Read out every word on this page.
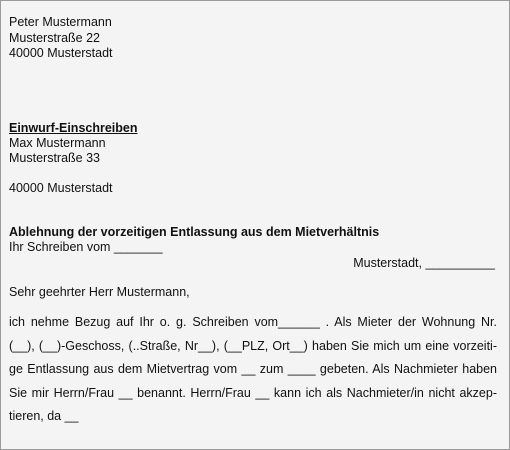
Peter Mustermann
Musterstraße 22
40000 Musterstadt
Einwurf-Einschreiben
Max Mustermann
Musterstraße 33
40000 Musterstadt
Ablehnung der vorzeitigen Entlassung aus dem Mietverhältnis
Ihr Schreiben vom _______
Musterstadt, __________
Sehr geehrter Herr Mustermann,
ich nehme Bezug auf Ihr o. g. Schreiben vom______ . Als Mieter der Wohnung Nr.
(__), (__)-Geschoss, (..Straße, Nr__), (__PLZ, Ort__) haben Sie mich um eine vorzeiti-
ge Entlassung aus dem Mietvertrag vom __ zum ____ gebeten. Als Nachmieter haben
Sie mir Herrn/Frau __ benannt. Herrn/Frau __ kann ich als Nachmieter/in nicht akzep-
tieren, da __
